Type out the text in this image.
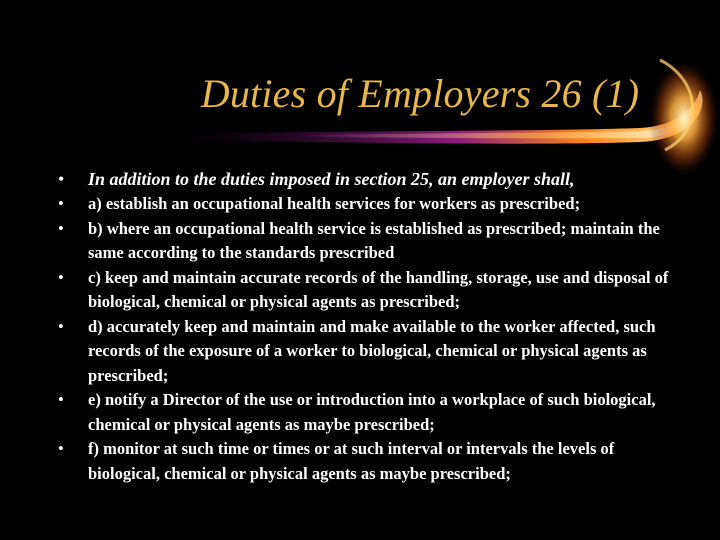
Duties of Employers 26 (1)
• In addition to the duties imposed in section 25, an employer shall,
• a) establish an occupational health services for workers as prescribed;
• b) where an occupational health service is established as prescribed; maintain the same according to the standards prescribed
• c) keep and maintain accurate records of the handling, storage, use and disposal of biological, chemical or physical agents as prescribed;
• d) accurately keep and maintain and make available to the worker affected, such records of the exposure of a worker to biological, chemical or physical agents as prescribed;
• e) notify a Director of the use or introduction into a workplace of such biological, chemical or physical agents as maybe prescribed;
• f) monitor at such time or times or at such interval or intervals the levels of biological, chemical or physical agents as maybe prescribed;
